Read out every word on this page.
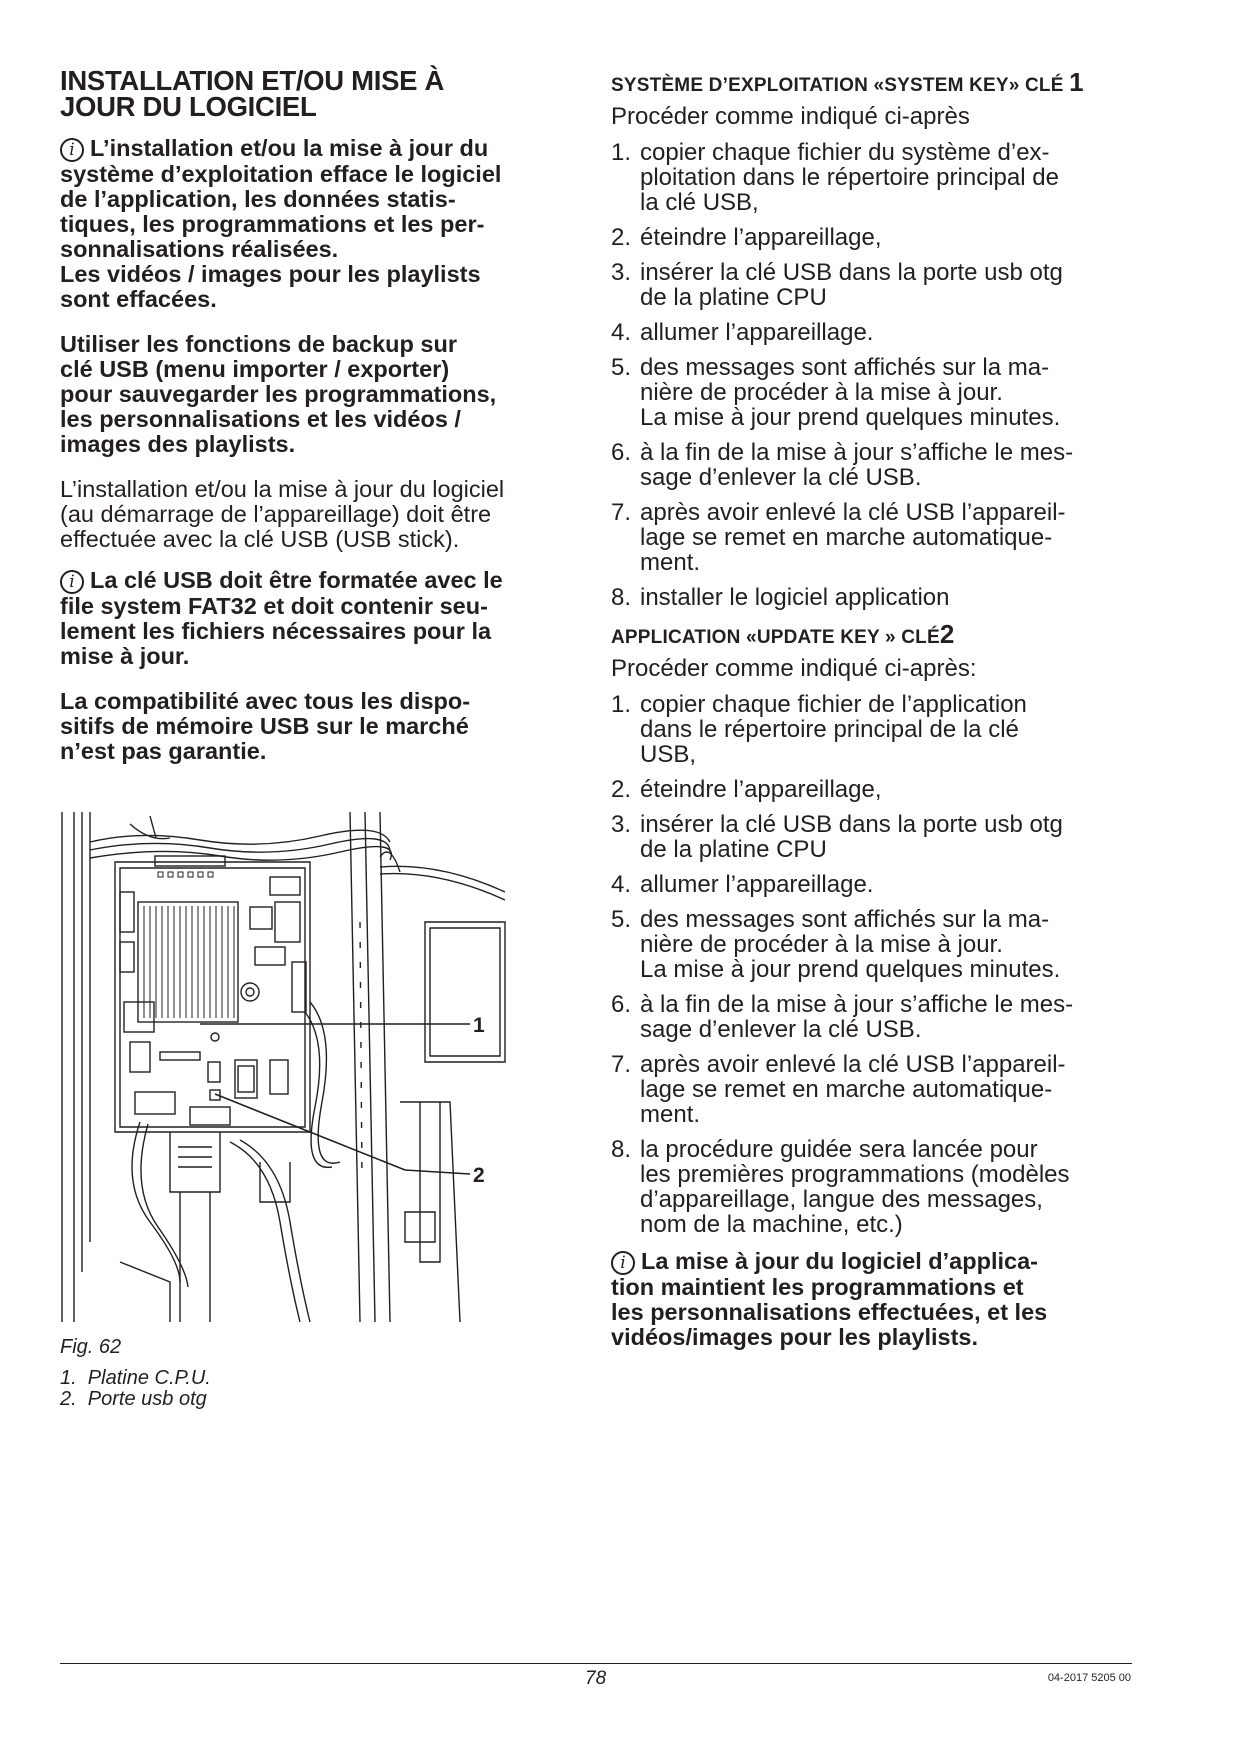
INSTALLATION ET/OU MISE À
JOUR DU LOGICIEL
i L’installation et/ou la mise à jour du
système d’exploitation efface le logiciel
de l’application, les données statis-
tiques, les programmations et les per-
sonnalisations réalisées.
Les vidéos / images pour les playlists
sont effacées.
Utiliser les fonctions de backup sur
clé USB (menu importer / exporter)
pour sauvegarder les programmations,
les personnalisations et les vidéos /
images des playlists.

L’installation et/ou la mise à jour du logiciel
(au démarrage de l’appareillage) doit être
effectuée avec la clé USB (USB stick).

i La clé USB doit être formatée avec le
file system FAT32 et doit contenir seu-
lement les fichiers nécessaires pour la
mise à jour.
La compatibilité avec tous les dispo-
sitifs de mémoire USB sur le marché
n’est pas garantie.
1
2
Fig. 62
1.  Platine C.P.U.
2.  Porte usb otg
SYSTÈME D’EXPLOITATION «SYSTEM KEY» CLÉ 1
Procéder comme indiqué ci-après
1. copier chaque fichier du système d’ex-
ploitation dans le répertoire principal de
la clé USB,
2. éteindre l’appareillage,
3. insérer la clé USB dans la porte usb otg
de la platine CPU
4. allumer l’appareillage.
5. des messages sont affichés sur la ma-
nière de procéder à la mise à jour.
La mise à jour prend quelques minutes.
6. à la fin de la mise à jour s’affiche le mes-
sage d’enlever la clé USB.
7. après avoir enlevé la clé USB l’appareil-
lage se remet en marche automatique-
ment.
8. installer le logiciel application
APPLICATION «UPDATE KEY » CLÉ2
Procéder comme indiqué ci-après:
1. copier chaque fichier de l’application
dans le répertoire principal de la clé
USB,
2. éteindre l’appareillage,
3. insérer la clé USB dans la porte usb otg
de la platine CPU
4. allumer l’appareillage.
5. des messages sont affichés sur la ma-
nière de procéder à la mise à jour.
La mise à jour prend quelques minutes.
6. à la fin de la mise à jour s’affiche le mes-
sage d’enlever la clé USB.
7. après avoir enlevé la clé USB l’appareil-
lage se remet en marche automatique-
ment.
8. la procédure guidée sera lancée pour
les premières programmations (modèles
d’appareillage, langue des messages,
nom de la machine, etc.)
i La mise à jour du logiciel d’applica-
tion maintient les programmations et
les personnalisations effectuées, et les
vidéos/images pour les playlists.
78	04-2017 5205 00
